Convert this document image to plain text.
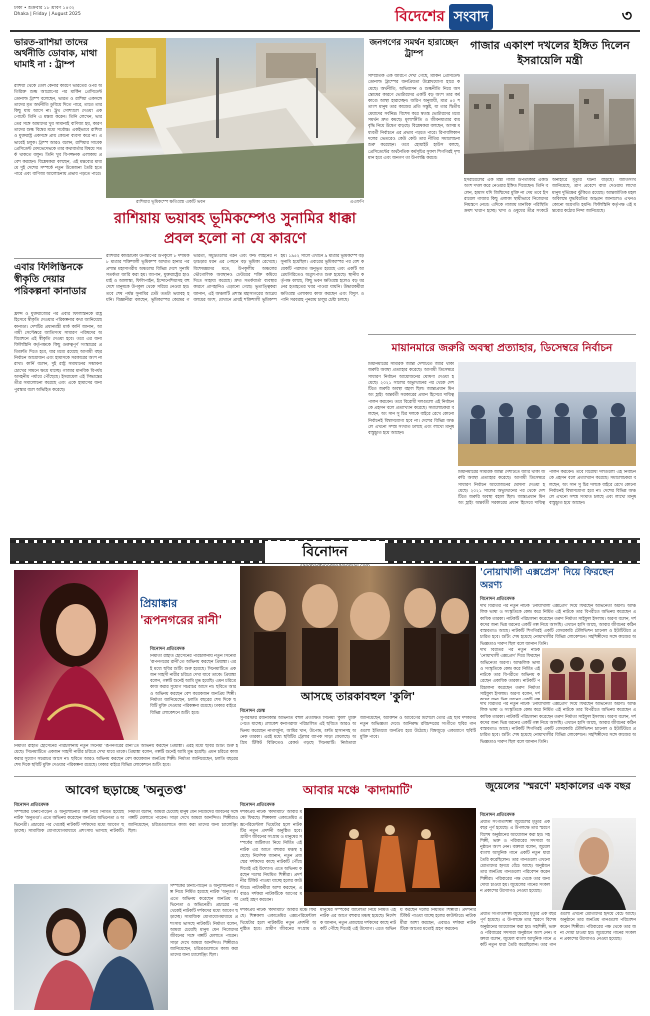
ঢাকা • শুক্রবার ১৮ শ্রাবণ ১৪৩২
Dhaka | Friday | August 2025	বিদেশের সংবাদ	৩
ভারত-রাশিয়া তাদের অর্থনীতি ডোবাক, মাথা ঘামাই না : ট্রাম্প
রাশিয়া থেকে তেল কেনার কারণে ভারতের ওপর অতিরিক্ত শুল্ক আরোপের পর মার্কিন প্রেসিডেন্ট ডোনাল্ড ট্রাম্প বলেছেন, ভারত ও রাশিয়া একসঙ্গে তাদের মৃত অর্থনীতি ডুবিয়ে দিতে পারে, তাতে তার কিছু যায় আসে না। ট্রুথ সোশ্যালে দেওয়া এক পোস্টে তিনি এ মন্তব্য করেন। তিনি লেখেন, ভারতের সঙ্গে আমাদের খুব সামান্যই বাণিজ্য হয়, কারণ তাদের শুল্ক বিশ্বের মধ্যে সর্বোচ্চ। একইভাবে রাশিয়া ও যুক্তরাষ্ট্র একসঙ্গে প্রায় কোনো ব্যবসা করে না। এভাবেই চলুক। ট্রাম্প আরও বলেন, রাশিয়ার সাবেক প্রেসিডেন্ট মেদভেদেভকে তার কথাবার্তার বিষয়ে সতর্ক থাকতে বলুন। তিনি খুব বিপজ্জনক এলাকায় প্রবেশ করছেন। বিশ্লেষকরা বলছেন, এই মন্তব্যের মাধ্যমে দুই দেশের সম্পর্কে নতুন উত্তেজনা তৈরি হতে পারে এবং বাণিজ্য আলোচনায় প্রভাব পড়তে পারে।
এবার ফিলিস্তিনকে স্বীকৃতি দেয়ার পরিকল্পনা কানাডার
ফ্রান্স ও যুক্তরাজ্যের পর এবার ফিলিস্তিনকে রাষ্ট্র হিসেবে স্বীকৃতি দেওয়ার পরিকল্পনার কথা জানিয়েছে কানাডা। দেশটির প্রধানমন্ত্রী মার্ক কার্নি জানান, আগামী সেপ্টেম্বরে জাতিসংঘ সাধারণ পরিষদের অধিবেশনে এই স্বীকৃতি দেওয়া হবে। তবে এর জন্য ফিলিস্তিনি কর্তৃপক্ষকে কিছু গুরুত্বপূর্ণ সংস্কারের প্রতিশ্রুতি দিতে হবে, যার মধ্যে রয়েছে আগামী বছর নির্বাচন আয়োজন এবং হামাসকে সরকারের অংশ না রাখা। কার্নি বলেন, দুই রাষ্ট্র সমাধানের সম্ভাবনা চোখের সামনে ক্ষয়ে যাচ্ছে। গাজার মানবিক বিপর্যয় অসহনীয় পর্যায়ে পৌঁছেছে। ইসরায়েল এই সিদ্ধান্তের তীব্র সমালোচনা করেছে এবং একে হামাসের জন্য পুরস্কার বলে অভিহিত করেছে।
রাশিয়ার ভূমিকম্পে ক্ষতিগ্রস্ত একটি ভবন	এএফপি
রাশিয়ায় ভয়াবহ ভূমিকম্পেও সুনামির ধাক্কা প্রবল হলো না যে কারণে
রাশিয়ার কামচাটকা উপদ্বীপের উপকূলে ৮ দশমিক ৮ মাত্রার শক্তিশালী ভূমিকম্প আঘাত হানার পর প্রশান্ত মহাসাগরীয় অঞ্চলের বিভিন্ন দেশে সুনামি সতর্কতা জারি করা হয়। জাপান, যুক্তরাষ্ট্রের হাওয়াই ও আলাস্কা, ফিলিপাইন, ইন্দোনেশিয়াসহ বহু দেশে মানুষকে উপকূল থেকে সরিয়ে নেওয়া হয়। তবে শেষ পর্যন্ত সুনামির ঢেউ ততটা ভয়াবহ হয়নি। বিজ্ঞানীরা বলছেন, ভূমিকম্পের কেন্দ্রের গভীরতা, সমুদ্রতলের গঠন এবং ফল্ট লাইনের নড়াচড়ার ধরন এর পেছনে বড় ভূমিকা রেখেছে। বিশেষজ্ঞদের মতে, উপকূলীয় অঞ্চলের ভৌগোলিক অবস্থানও ঢেউয়ের শক্তি কমিয়ে দিতে সাহায্য করেছে। দ্রুত সতর্কবার্তা ব্যবস্থার কারণে প্রাণহানিও এড়ানো গেছে। ভূতাত্ত্বিকরা জানান, এই অঞ্চলটি প্রশান্ত মহাসাগরের আগ্নেয় বলয়ের অংশ, যেখানে প্রায়ই শক্তিশালী ভূমিকম্প হয়। ১৯৫২ সালে এখানে ৯ মাত্রার ভূমিকম্পে বড় সুনামি হয়েছিল। এবারের ভূমিকম্পের পর বেশ কয়েকটি পরাঘাত অনুভূত হয়েছে এবং একটি আগ্নেয়গিরিতেও অগ্ন্যুৎপাত শুরু হয়েছে। স্থানীয় কর্তৃপক্ষ বলছে, কিছু ভবন ক্ষতিগ্রস্ত হলেও বড় ধরনের হতাহতের খবর পাওয়া যায়নি। উদ্ধারকর্মীরা ক্ষতিগ্রস্ত এলাকায় কাজ করছেন এবং বিদ্যুৎ ও পানি সরবরাহ পুনরায় চালুর চেষ্টা চলছে।
জনগণের সমর্থন হারাচ্ছেন ট্রাম্প
সাম্প্রতিক এক জরিপে দেখা গেছে, মার্কিন প্রেসিডেন্ট ডোনাল্ড ট্রাম্পের জনপ্রিয়তা উল্লেখযোগ্য হারে কমেছে। অর্থনীতি, অভিবাসন ও শুল্কনীতি নিয়ে অসন্তোষের কারণে ভোটারদের একটি বড় অংশ তার কর্মকাণ্ডে আস্থা হারাচ্ছেন। জরিপ অনুযায়ী, মাত্র ৪০ শতাংশ মানুষ তার কাজের প্রতি সন্তুষ্ট, যা তার দ্বিতীয় মেয়াদের সর্বনিম্ন। বিশেষ করে স্বতন্ত্র ভোটারদের মধ্যে সমর্থন দ্রুত কমছে। মূল্যস্ফীতি ও জীবনযাত্রার ব্যয় বৃদ্ধি নিয়ে উদ্বেগ বাড়ছে। বিশ্লেষকরা বলছেন, আসন্ন মধ্যবর্তী নির্বাচনে এর প্রভাব পড়তে পারে। রিপাবলিকান দলের ভেতরেও কেউ কেউ তার নীতির সমালোচনা শুরু করেছেন। তবে হোয়াইট হাউস বলছে, প্রেসিডেন্টের অর্থনৈতিক কর্মসূচির সুফল শিগগিরই দৃশ্যমান হবে এবং জনগণ তা উপলব্ধি করবে।
গাজার একাংশ দখলের ইঙ্গিত দিলেন ইসরায়েলি মন্ত্রী
ইসরায়েলের এক মন্ত্রী গাজা উপত্যকার একটি অংশ দখল করে নেওয়ার ইঙ্গিত দিয়েছেন। তিনি বলেন, হামাস যদি জিম্মিদের মুক্তি না দেয় তবে ইসরায়েল গাজার কিছু এলাকা স্থায়ীভাবে নিজেদের নিয়ন্ত্রণে নেবে। এদিকে গাজায় মানবিক পরিস্থিতি ক্রমশ খারাপ হচ্ছে। খাদ্য ও ওষুধের তীব্র সংকটে অনাহারে মৃত্যুর ঘটনা বাড়ছে। জাতিসংঘ জানিয়েছে, ত্রাণ প্রবেশে বাধা দেওয়ায় লাখো মানুষ দুর্ভিক্ষের ঝুঁকিতে রয়েছে। আন্তর্জাতিক মহল অবিলম্বে যুদ্ধবিরতির আহ্বান জানালেও এখনও কোনো অগ্রগতি হয়নি। ফিলিস্তিনি কর্তৃপক্ষ এই মন্তব্যের কঠোর নিন্দা জানিয়েছে।
মায়ানমারে জরুরি অবস্থা প্রত্যাহার, ডিসেম্বরে নির্বাচন
মিয়ানমারের সামরিক জান্তা দেশটিতে জারি থাকা জরুরি অবস্থা প্রত্যাহার করেছে। আগামী ডিসেম্বরে সাধারণ নির্বাচন আয়োজনের ঘোষণা দেওয়া হয়েছে। ২০২১ সালের অভ্যুত্থানের পর থেকে দেশটিতে জরুরি অবস্থা বহাল ছিল। জান্তাপ্রধান মিন অং হ্লাইং অন্তর্বর্তী সরকারের প্রধান হিসেবে দায়িত্ব পালন করবেন। তবে বিরোধী দলগুলো এই নির্বাচনকে প্রহসন বলে প্রত্যাখ্যান করেছে। সমালোচকরা বলছেন, অং সান সু চির দলকে বাইরে রেখে কোনো নির্বাচনই বিশ্বাসযোগ্য হবে না। দেশের বিভিন্ন অঞ্চলে এখনো সশস্ত্র সংঘাত চলছে এবং লাখো মানুষ বাস্তুচ্যুত হয়ে আছেন।
মিয়ানমারের সামরিক জান্তা দেশটিতে জারি থাকা জরুরি অবস্থা প্রত্যাহার করেছে। আগামী ডিসেম্বরে সাধারণ নির্বাচন আয়োজনের ঘোষণা দেওয়া হয়েছে। ২০২১ সালের অভ্যুত্থানের পর থেকে দেশটিতে জরুরি অবস্থা বহাল ছিল। জান্তাপ্রধান মিন অং হ্লাইং অন্তর্বর্তী সরকারের প্রধান হিসেবে দায়িত্ব পালন করবেন। তবে বিরোধী দলগুলো এই নির্বাচনকে প্রহসন বলে প্রত্যাখ্যান করেছে। সমালোচকরা বলছেন, অং সান সু চির দলকে বাইরে রেখে কোনো নির্বাচনই বিশ্বাসযোগ্য হবে না। দেশের বিভিন্ন অঞ্চলে এখনো সশস্ত্র সংঘাত চলছে এবং লাখো মানুষ বাস্তুচ্যুত হয়ে আছেন।
বিনোদন
প্রিয়াঙ্কার
'রূপনগরের রানী'
বিনোদন প্রতিবেদক
নির্মাতা রাহাত হোসেনের পরিচালনায় নতুন সিনেমা 'রূপনগরের রানী'তে অভিনয় করছেন প্রিয়াঙ্কা। এরই মধ্যে ছবির শুটিং শুরু হয়েছে। সিনেমাটিতে একজন সাহসী নারীর চরিত্রে দেখা যাবে তাকে। প্রিয়াঙ্কা বলেন, গল্পটি শুনেই আমি মুগ্ধ হয়েছি। এমন চরিত্রে কাজ করার সুযোগ সচরাচর আসে না। ছবিতে আরও অভিনয় করছেন বেশ কয়েকজন জনপ্রিয় শিল্পী। নির্মাতা জানিয়েছেন, চলতি বছরের শেষ দিকে ছবিটি মুক্তি দেওয়ার পরিকল্পনা রয়েছে। ঢাকার বাইরে বিভিন্ন লোকেশনে শুটিং হবে।
নির্মাতা রাহাত হোসেনের পরিচালনায় নতুন সিনেমা 'রূপনগরের রানী'তে অভিনয় করছেন প্রিয়াঙ্কা। এরই মধ্যে ছবির শুটিং শুরু হয়েছে। সিনেমাটিতে একজন সাহসী নারীর চরিত্রে দেখা যাবে তাকে। প্রিয়াঙ্কা বলেন, গল্পটি শুনেই আমি মুগ্ধ হয়েছি। এমন চরিত্রে কাজ করার সুযোগ সচরাচর আসে না। ছবিতে আরও অভিনয় করছেন বেশ কয়েকজন জনপ্রিয় শিল্পী। নির্মাতা জানিয়েছেন, চলতি বছরের শেষ দিকে ছবিটি মুক্তি দেওয়ার পরিকল্পনা রয়েছে। ঢাকার বাইরে বিভিন্ন লোকেশনে শুটিং হবে।
আসছে তারকাবহুল 'কুলি'
বিনোদন ডেস্ক
সুপারস্টার রজনীকান্ত অভিনীত বহুল প্রতীক্ষিত সিনেমা 'কুলি' মুক্তি পেতে যাচ্ছে। লোকেশ কনাগরাজ পরিচালিত এই ছবিতে আরও অভিনয় করেছেন নাগার্জুনা, আমির খান, উপেন্দ্র, শ্রুতি হাসানসহ অনেক তারকা। এরই মধ্যে ছবিটির ট্রেলার ব্যাপক সাড়া ফেলেছে। অগ্রিম টিকিট বিক্রিতেও রেকর্ড গড়ছে সিনেমাটি। নির্মাতারা জানিয়েছেন, অ্যাকশন ও আবেগের মিশেলে তৈরি এই ছবি দর্শকদের নতুন অভিজ্ঞতা দেবে। আনিরুদ্ধ রবিচন্দরের সংগীতে ছবির গানগুলো ইতিমধ্যে জনপ্রিয় হয়ে উঠেছে। বিশ্বজুড়ে একযোগে ছবিটি মুক্তি পাবে।
'নোয়াখালী এক্সপ্রেস' দিয়ে ফিরছেন অরণ্য
বিনোদন প্রতিবেদক
দীর্ঘ বিরতির পর নতুন নাটক 'নোয়াখালী এক্সপ্রেস' দিয়ে ফিরছেন অভিনেতা অরণ্য। আঞ্চলিক ভাষা ও সংস্কৃতিকে কেন্দ্র করে নির্মিত এই নাটকে তার বিপরীতে অভিনয় করেছেন একাধিক তারকা। নাটকটি পরিচালনা করেছেন তরুণ নির্মাতা সাইফুল ইসলাম। অরণ্য বলেন, দর্শকদের জন্য ভিন্ন ধরনের একটি গল্প নিয়ে আসছি। এখানে হাসি আছে, আবার জীবনের কঠিন বাস্তবতাও আছে। নাটকটি শিগগিরই একটি বেসরকারি টেলিভিশন চ্যানেল ও ইউটিউবে প্রচারিত হবে। শুটিং শেষ হয়েছে নোয়াখালীর বিভিন্ন লোকেশনে। সহশিল্পীদের সঙ্গে কাজের অভিজ্ঞতাও দারুণ ছিল বলে জানান তিনি।
দীর্ঘ বিরতির পর নতুন নাটক 'নোয়াখালী এক্সপ্রেস' দিয়ে ফিরছেন অভিনেতা অরণ্য। আঞ্চলিক ভাষা ও সংস্কৃতিকে কেন্দ্র করে নির্মিত এই নাটকে তার বিপরীতে অভিনয় করেছেন একাধিক তারকা। নাটকটি পরিচালনা করেছেন তরুণ নির্মাতা সাইফুল ইসলাম। অরণ্য বলেন, দর্শ
দীর্ঘ বিরতির পর নতুন নাটক 'নোয়াখালী এক্সপ্রেস' দিয়ে ফিরছেন অভিনেতা অরণ্য। আঞ্চলিক ভাষা ও সংস্কৃতিকে কেন্দ্র করে নির্মিত এই নাটকে তার বিপরীতে অভিনয় করেছেন একাধিক তারকা। নাটকটি পরিচালনা করেছেন তরুণ নির্মাতা সাইফুল ইসলাম। অরণ্য বলেন, দর্শকদের জন্য ভিন্ন ধরনের একটি গল্প নিয়ে আসছি। এখানে হাসি আছে, আবার জীবনের কঠিন বাস্তবতাও আছে। নাটকটি শিগগিরই একটি বেসরকারি টেলিভিশন চ্যানেল ও ইউটিউবে প্রচারিত হবে। শুটিং শেষ হয়েছে নোয়াখালীর বিভিন্ন লোকেশনে। সহশিল্পীদের সঙ্গে কাজের অভিজ্ঞতাও দারুণ ছিল বলে জানান তিনি।
আবেগ ছড়াচ্ছে 'অনুতপ্ত'
বিনোদন প্রতিবেদক
সম্পর্কের টানাপোড়েন ও অনুশোচনার গল্প নিয়ে নির্মিত হয়েছে নাটক 'অনুতপ্ত'। এতে অভিনয় করেছেন জনপ্রিয় অভিনেতা ও অভিনেত্রী। প্রচারের পর থেকেই নাটকটি দর্শকদের মধ্যে আবেগ ছড়াচ্ছে। সামাজিক যোগাযোগমাধ্যমে প্রশংসায় ভাসছে নাটকটি। নির্মাতা বলেন, আমরা চেয়েছি মানুষ যেন নিজেদের জীবনের সঙ্গে গল্পটি মেলাতে পারেন। সাড়া দেখে আমরা আনন্দিত। শিল্পীরাও জানিয়েছেন, চরিত্রগুলোতে কাজ করা তাদের জন্য চ্যালেঞ্জিং ছিল।
সম্পর্কের টানাপোড়েন ও অনুশোচনার গল্প নিয়ে নির্মিত হয়েছে নাটক 'অনুতপ্ত'। এতে অভিনয় করেছেন জনপ্রিয় অভিনেতা ও অভিনেত্রী। প্রচারের পর থেকেই নাটকটি দর্শকদের মধ্যে আবেগ ছড়াচ্ছে। সামাজিক যোগাযোগমাধ্যমে প্রশংসায় ভাসছে নাটকটি। নির্মাতা বলেন, আমরা চেয়েছি মানুষ যেন নিজেদের জীবনের সঙ্গে গল্পটি মেলাতে পারেন। সাড়া দেখে আমরা আনন্দিত। শিল্পীরাও জানিয়েছেন, চরিত্রগুলোতে কাজ করা তাদের জন্য চ্যালেঞ্জিং ছিল।
আবার মঞ্চে 'কাদামাটি'
বিনোদন প্রতিবেদক
দর্শকপ্রিয় নাটক 'কাদামাটি' আবার মঞ্চে ফিরছে। শিল্পকলা একাডেমির এক্সপেরিমেন্টাল থিয়েটার হলে নাটকটির নতুন প্রদর্শনী অনুষ্ঠিত হবে। গ্রামীণ জীবনের সংগ্রাম ও মানুষের সম্পর্কের জটিলতা নিয়ে নির্মিত এই নাটক এর আগে বহুবার মঞ্চস্থ হয়েছে। নির্দেশক জানান, নতুন প্রজন্মের দর্শকদের কাছে নাটকটি পৌঁছে দিতেই এই উদ্যোগ। এতে অভিনয় করছেন দলের নিয়মিত শিল্পীরা। প্রদর্শনীর টিকিট পাওয়া যাচ্ছে হলের কাউন্টারে। নাট্যকর্মীরা আশা করছেন, এবারও দর্শকরা নাটকটিকে আগের মতোই গ্রহণ করবেন।
দর্শকপ্রিয় নাটক 'কাদামাটি' আবার মঞ্চে ফিরছে। শিল্পকলা একাডেমির এক্সপেরিমেন্টাল থিয়েটার হলে নাটকটির নতুন প্রদর্শনী অনুষ্ঠিত হবে। গ্রামীণ জীবনের সংগ্রাম ও মানুষের সম্পর্কের জটিলতা নিয়ে নির্মিত এই নাটক এর আগে বহুবার মঞ্চস্থ হয়েছে। নির্দেশক জানান, নতুন প্রজন্মের দর্শকদের কাছে নাটকটি পৌঁছে দিতেই এই উদ্যোগ। এতে অভিনয় করছেন দলের নিয়মিত শিল্পীরা। প্রদর্শনীর টিকিট পাওয়া যাচ্ছে হলের কাউন্টারে। নাট্যকর্মীরা আশা করছেন, এবারও দর্শকরা নাটকটিকে আগের মতোই গ্রহণ করবেন।
জুয়েলের 'স্মরণে' মহাকালের এক বছর
বিনোদন প্রতিবেদক
প্রয়াত সংগীতশিল্পী জুয়েলের মৃত্যুর এক বছর পূর্ণ হয়েছে। এ উপলক্ষে তার স্মরণে বিশেষ অনুষ্ঠানের আয়োজন করা হয়। সহশিল্পী, ভক্ত ও পরিবারের সদস্যরা অনুষ্ঠানে অংশ নেন। বক্তারা বলেন, জুয়েল বাংলা আধুনিক গানে একটি নতুন ধারা তৈরি করেছিলেন। তার গানগুলো এখনো শ্রোতাদের হৃদয়ে বেঁচে আছে। অনুষ্ঠানে তার জনপ্রিয় গানগুলো পরিবেশন করেন শিল্পীরা। পরিবারের পক্ষ থেকে তার জন্য দোয়া চাওয়া হয়। জুয়েলের গানের সংকলন প্রকাশের উদ্যোগও নেওয়া হয়েছে।
প্রয়াত সংগীতশিল্পী জুয়েলের মৃত্যুর এক বছর পূর্ণ হয়েছে। এ উপলক্ষে তার স্মরণে বিশেষ অনুষ্ঠানের আয়োজন করা হয়। সহশিল্পী, ভক্ত ও পরিবারের সদস্যরা অনুষ্ঠানে অংশ নেন। বক্তারা বলেন, জুয়েল বাংলা আধুনিক গানে একটি নতুন ধারা তৈরি করেছিলেন। তার গানগুলো এখনো শ্রোতাদের হৃদয়ে বেঁচে আছে। অনুষ্ঠানে তার জনপ্রিয় গানগুলো পরিবেশন করেন শিল্পীরা। পরিবারের পক্ষ থেকে তার জন্য দোয়া চাওয়া হয়। জুয়েলের গানের সংকলন প্রকাশের উদ্যোগও নেওয়া হয়েছে।
